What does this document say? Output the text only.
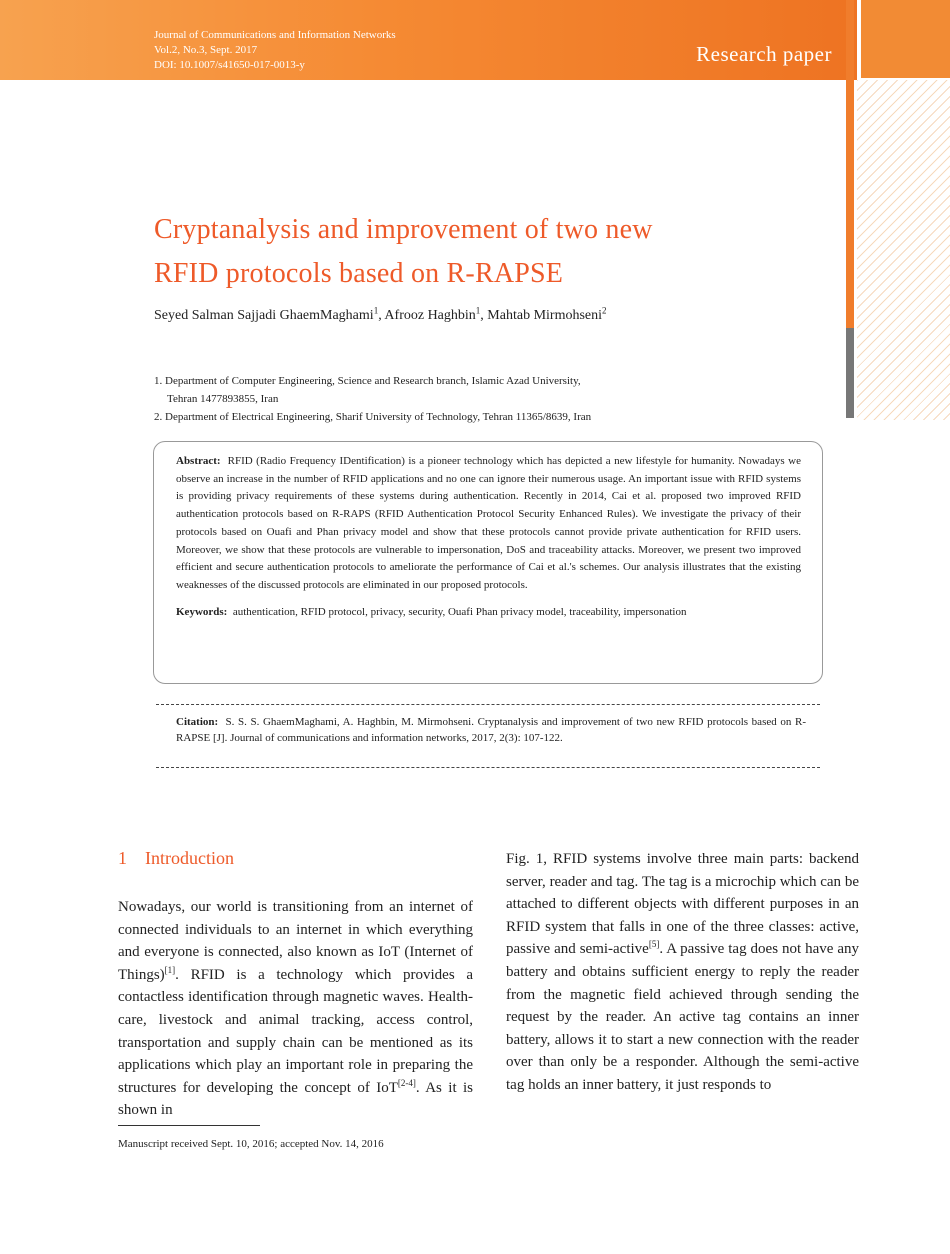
Journal of Communications and Information Networks
Vol.2, No.3, Sept. 2017
DOI: 10.1007/s41650-017-0013-y	Research paper
Cryptanalysis and improvement of two new
RFID protocols based on R-RAPSE
Seyed Salman Sajjadi GhaemMaghami$^1$, Afrooz Haghbin$^1$, Mahtab Mirmohseni$^2$
1. Department of Computer Engineering, Science and Research branch, Islamic Azad University,
Tehran 1477893855, Iran
2. Department of Electrical Engineering, Sharif University of Technology, Tehran 11365/8639, Iran
Abstract: RFID (Radio Frequency IDentification) is a pioneer technology which has depicted a new lifestyle for humanity. Nowadays we observe an increase in the number of RFID applications and no one can ignore their numerous usage. An important issue with RFID systems is providing privacy requirements of these systems during authentication. Recently in 2014, Cai et al. proposed two improved RFID authentication protocols based on R-RAPS (RFID Authentication Protocol Security Enhanced Rules). We investigate the privacy of their protocols based on Ouafi and Phan privacy model and show that these protocols cannot provide private authentication for RFID users. Moreover, we show that these protocols are vulnerable to impersonation, DoS and traceability attacks. Moreover, we present two improved efficient and secure authentication protocols to ameliorate the performance of Cai et al.'s schemes. Our analysis illustrates that the existing weaknesses of the discussed protocols are eliminated in our proposed protocols.
Keywords: authentication, RFID protocol, privacy, security, Ouafi Phan privacy model, traceability, impersonation
Citation: S. S. S. GhaemMaghami, A. Haghbin, M. Mirmohseni. Cryptanalysis and improvement of two new RFID protocols based on R-RAPSE [J]. Journal of communications and information networks, 2017, 2(3): 107-122.
1 Introduction
Nowadays, our world is transitioning from an internet of connected individuals to an internet in which everything and everyone is connected, also known as IoT (Internet of Things)[1]. RFID is a technology which provides a contactless identification through magnetic waves. Health-care, livestock and animal tracking, access control, transportation and supply chain can be mentioned as its applications which play an important role in preparing the structures for developing the concept of IoT[2-4]. As it is shown in
Fig. 1, RFID systems involve three main parts: backend server, reader and tag. The tag is a microchip which can be attached to different objects with different purposes in an RFID system that falls in one of the three classes: active, passive and semi-active[5]. A passive tag does not have any battery and obtains sufficient energy to reply the reader from the magnetic field achieved through sending the request by the reader. An active tag contains an inner battery, allows it to start a new connection with the reader over than only be a responder. Although the semi-active tag holds an inner battery, it just responds to
Manuscript received Sept. 10, 2016; accepted Nov. 14, 2016
